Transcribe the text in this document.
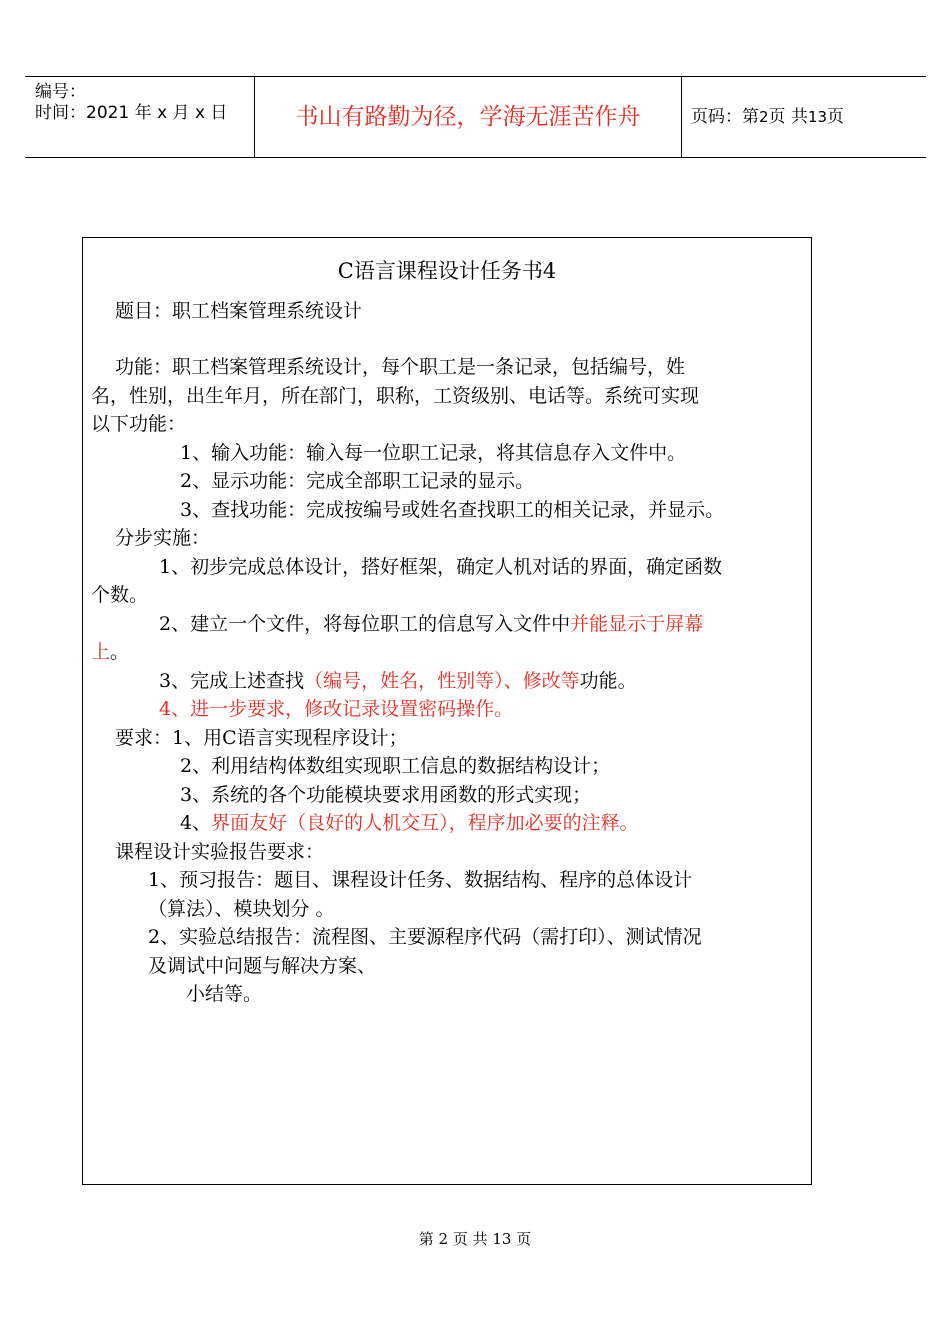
编号：
时间：2021 年 x 月 x 日	书山有路勤为径，学海无涯苦作舟	页码：第2页 共13页
C语言课程设计任务书4
题目：职工档案管理系统设计
功能：职工档案管理系统设计，每个职工是一条记录，包括编号，姓
名，性别，出生年月，所在部门，职称，工资级别、电话等。系统可实现
以下功能：
1、输入功能：输入每一位职工记录，将其信息存入文件中。
2、显示功能：完成全部职工记录的显示。
3、查找功能：完成按编号或姓名查找职工的相关记录，并显示。
分步实施：
1、初步完成总体设计，搭好框架，确定人机对话的界面，确定函数
个数。
2、建立一个文件，将每位职工的信息写入文件中并能显示于屏幕
上。
3、完成上述查找（编号，姓名，性别等）、修改等功能。
4、进一步要求，修改记录设置密码操作。
要求：1、用C语言实现程序设计；
2、利用结构体数组实现职工信息的数据结构设计；
3、系统的各个功能模块要求用函数的形式实现；
4、界面友好（良好的人机交互），程序加必要的注释。
课程设计实验报告要求：
1、预习报告：题目、课程设计任务、数据结构、程序的总体设计
（算法）、模块划分 。
2、实验总结报告：流程图、主要源程序代码（需打印）、测试情况
及调试中问题与解决方案、
小结等。
第 2 页 共 13 页
